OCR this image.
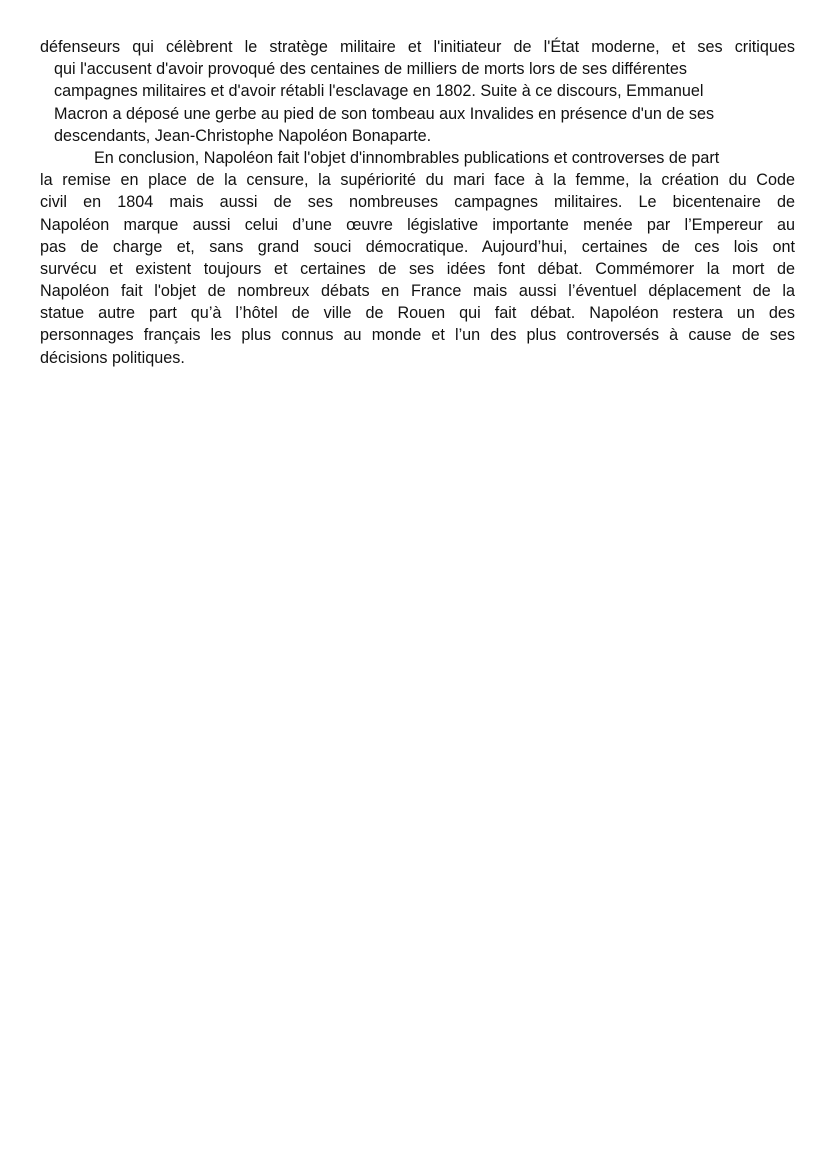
défenseurs qui célèbrent le stratège militaire et l'initiateur de l'État moderne, et ses critiques
qui l'accusent d'avoir provoqué des centaines de milliers de morts lors de ses différentes
campagnes militaires et d'avoir rétabli l'esclavage en 1802. Suite à ce discours, Emmanuel
Macron a déposé une gerbe au pied de son tombeau aux Invalides en présence d'un de ses
descendants, Jean-Christophe Napoléon Bonaparte.
En conclusion, Napoléon fait l'objet d'innombrables publications et controverses de part
la remise en place de la censure, la supériorité du mari face à la femme, la création du Code
civil en 1804 mais aussi de ses nombreuses campagnes militaires. Le bicentenaire de
Napoléon marque aussi celui d’une œuvre législative importante menée par l’Empereur au
pas de charge et, sans grand souci démocratique. Aujourd’hui, certaines de ces lois ont
survécu et existent toujours et certaines de ses idées font débat. Commémorer la mort de
Napoléon fait l'objet de nombreux débats en France mais aussi l’éventuel déplacement de la
statue autre part qu’à l’hôtel de ville de Rouen qui fait débat. Napoléon restera un des
personnages français les plus connus au monde et l’un des plus controversés à cause de ses
décisions politiques.
